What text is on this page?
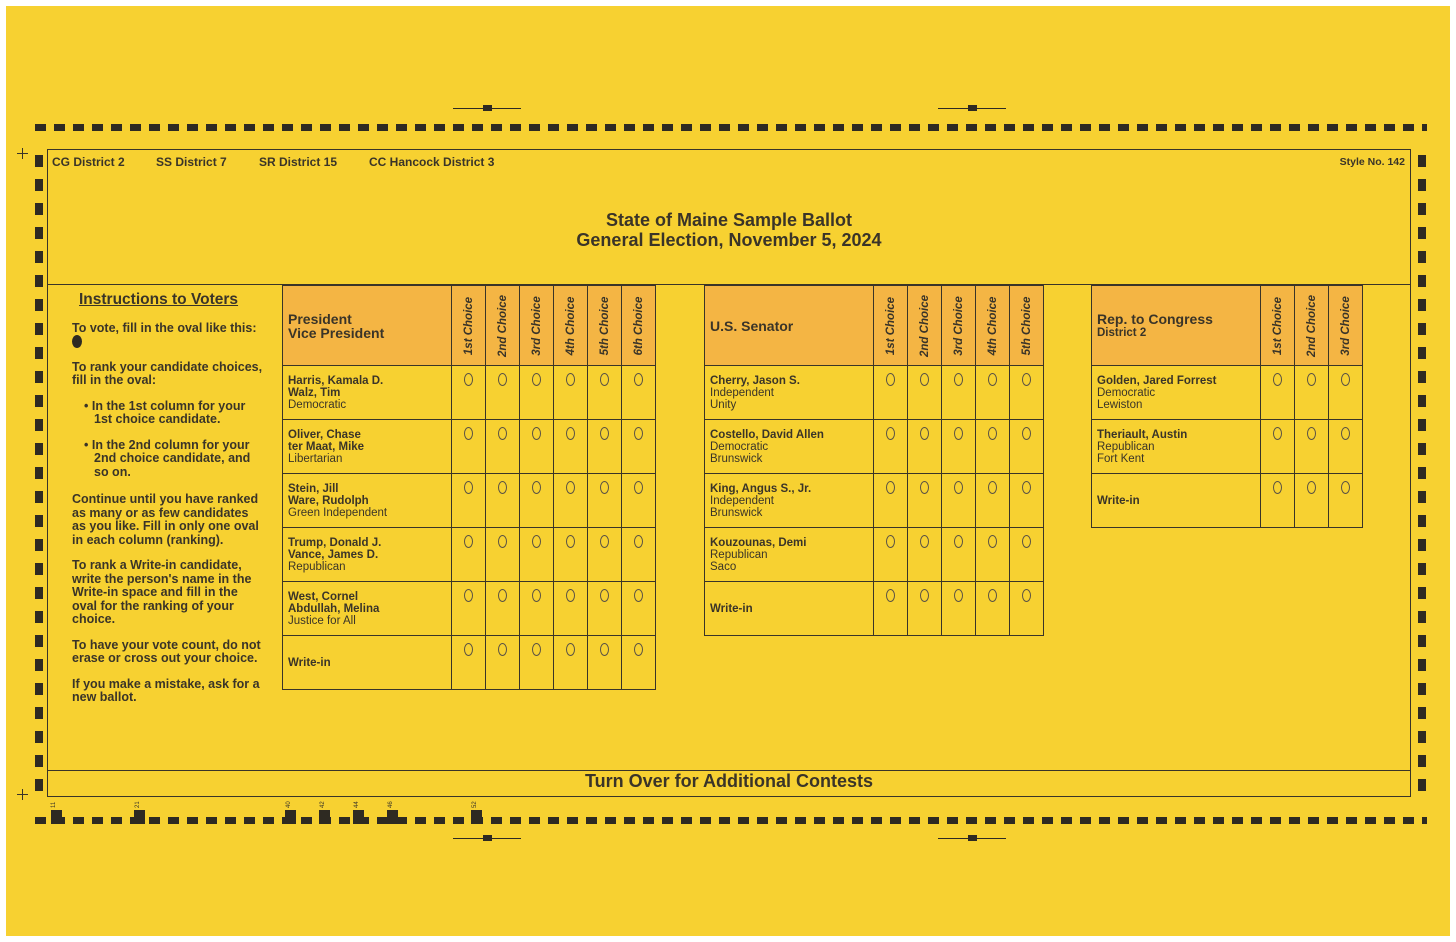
11	21	40	42	44	46	52
CG District 2	SS District 7	SR District 15	CC Hancock District 3	Style No. 142
State of Maine Sample Ballot
General Election, November 5, 2024
Instructions to Voters

To vote, fill in the oval like this:

To rank your candidate choices, fill in the oval:

• In the 1st column for your 1st choice candidate.
• In the 2nd column for your 2nd choice candidate, and so on.

Continue until you have ranked as many or as few candidates as you like. Fill in only one oval in each column (ranking).

To rank a Write-in candidate, write the person's name in the Write-in space and fill in the oval for the ranking of your choice.

To have your vote count, do not erase or cross out your choice.

If you make a mistake, ask for a new ballot.

President
Vice President	1st Choice	2nd Choice	3rd Choice	4th Choice	5th Choice	6th Choice

Harris, Kamala D.
Walz, Tim
Democratic						

Oliver, Chase
ter Maat, Mike
Libertarian						

Stein, Jill
Ware, Rudolph
Green Independent						

Trump, Donald J.
Vance, James D.
Republican						

West, Cornel
Abdullah, Melina
Justice for All						

Write-in						

U.S. Senator	1st Choice	2nd Choice	3rd Choice	4th Choice	5th Choice

Cherry, Jason S.
Independent
Unity					

Costello, David Allen
Democratic
Brunswick					

King, Angus S., Jr.
Independent
Brunswick					

Kouzounas, Demi
Republican
Saco					

Write-in					

Rep. to Congress
District 2	1st Choice	2nd Choice	3rd Choice

Golden, Jared Forrest
Democratic
Lewiston			

Theriault, Austin
Republican
Fort Kent			

Write-in			

Turn Over for Additional Contests
